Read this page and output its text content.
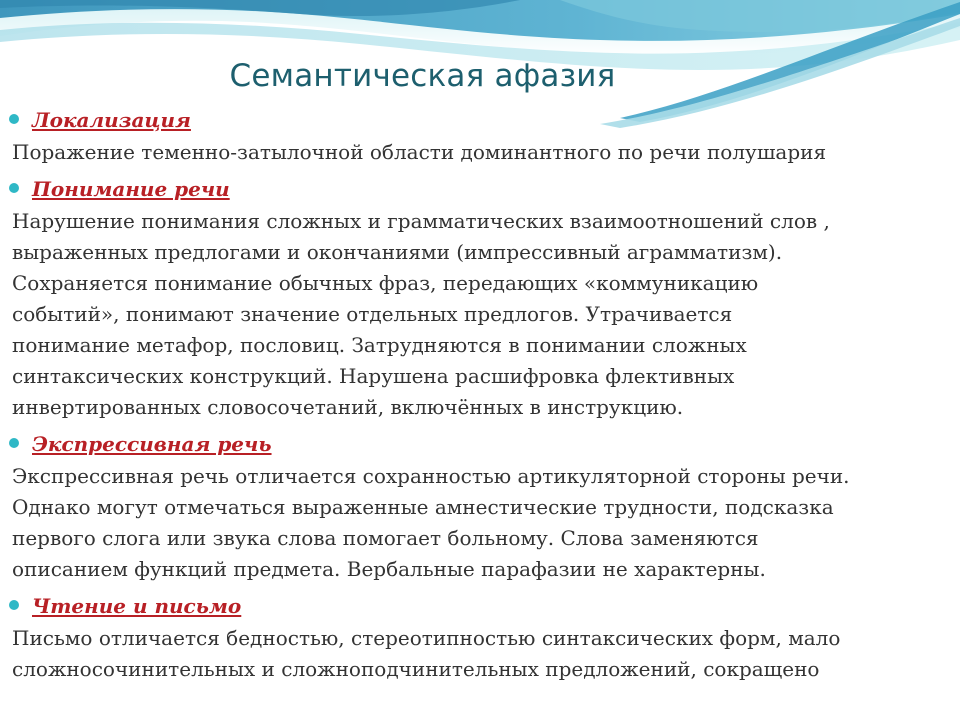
Семантическая афазия
Локализация
Поражение теменно-затылочной области доминантного по речи полушария
Понимание речи
Нарушение понимания сложных и грамматических взаимоотношений слов ,
выраженных предлогами и окончаниями (импрессивный аграмматизм).
Сохраняется понимание обычных фраз, передающих «коммуникацию
событий», понимают значение отдельных предлогов. Утрачивается
понимание метафор, пословиц. Затрудняются в понимании сложных
синтаксических конструкций. Нарушена расшифровка флективных
инвертированных словосочетаний, включённых в инструкцию.
Экспрессивная речь
Экспрессивная речь отличается сохранностью артикуляторной стороны речи.
Однако могут отмечаться выраженные амнестические трудности, подсказка
первого слога или звука слова помогает больному. Слова заменяются
описанием функций предмета. Вербальные парафазии не характерны.
Чтение и письмо
Письмо отличается бедностью, стереотипностью синтаксических форм, мало
сложносочинительных и сложноподчинительных предложений, сокращено
